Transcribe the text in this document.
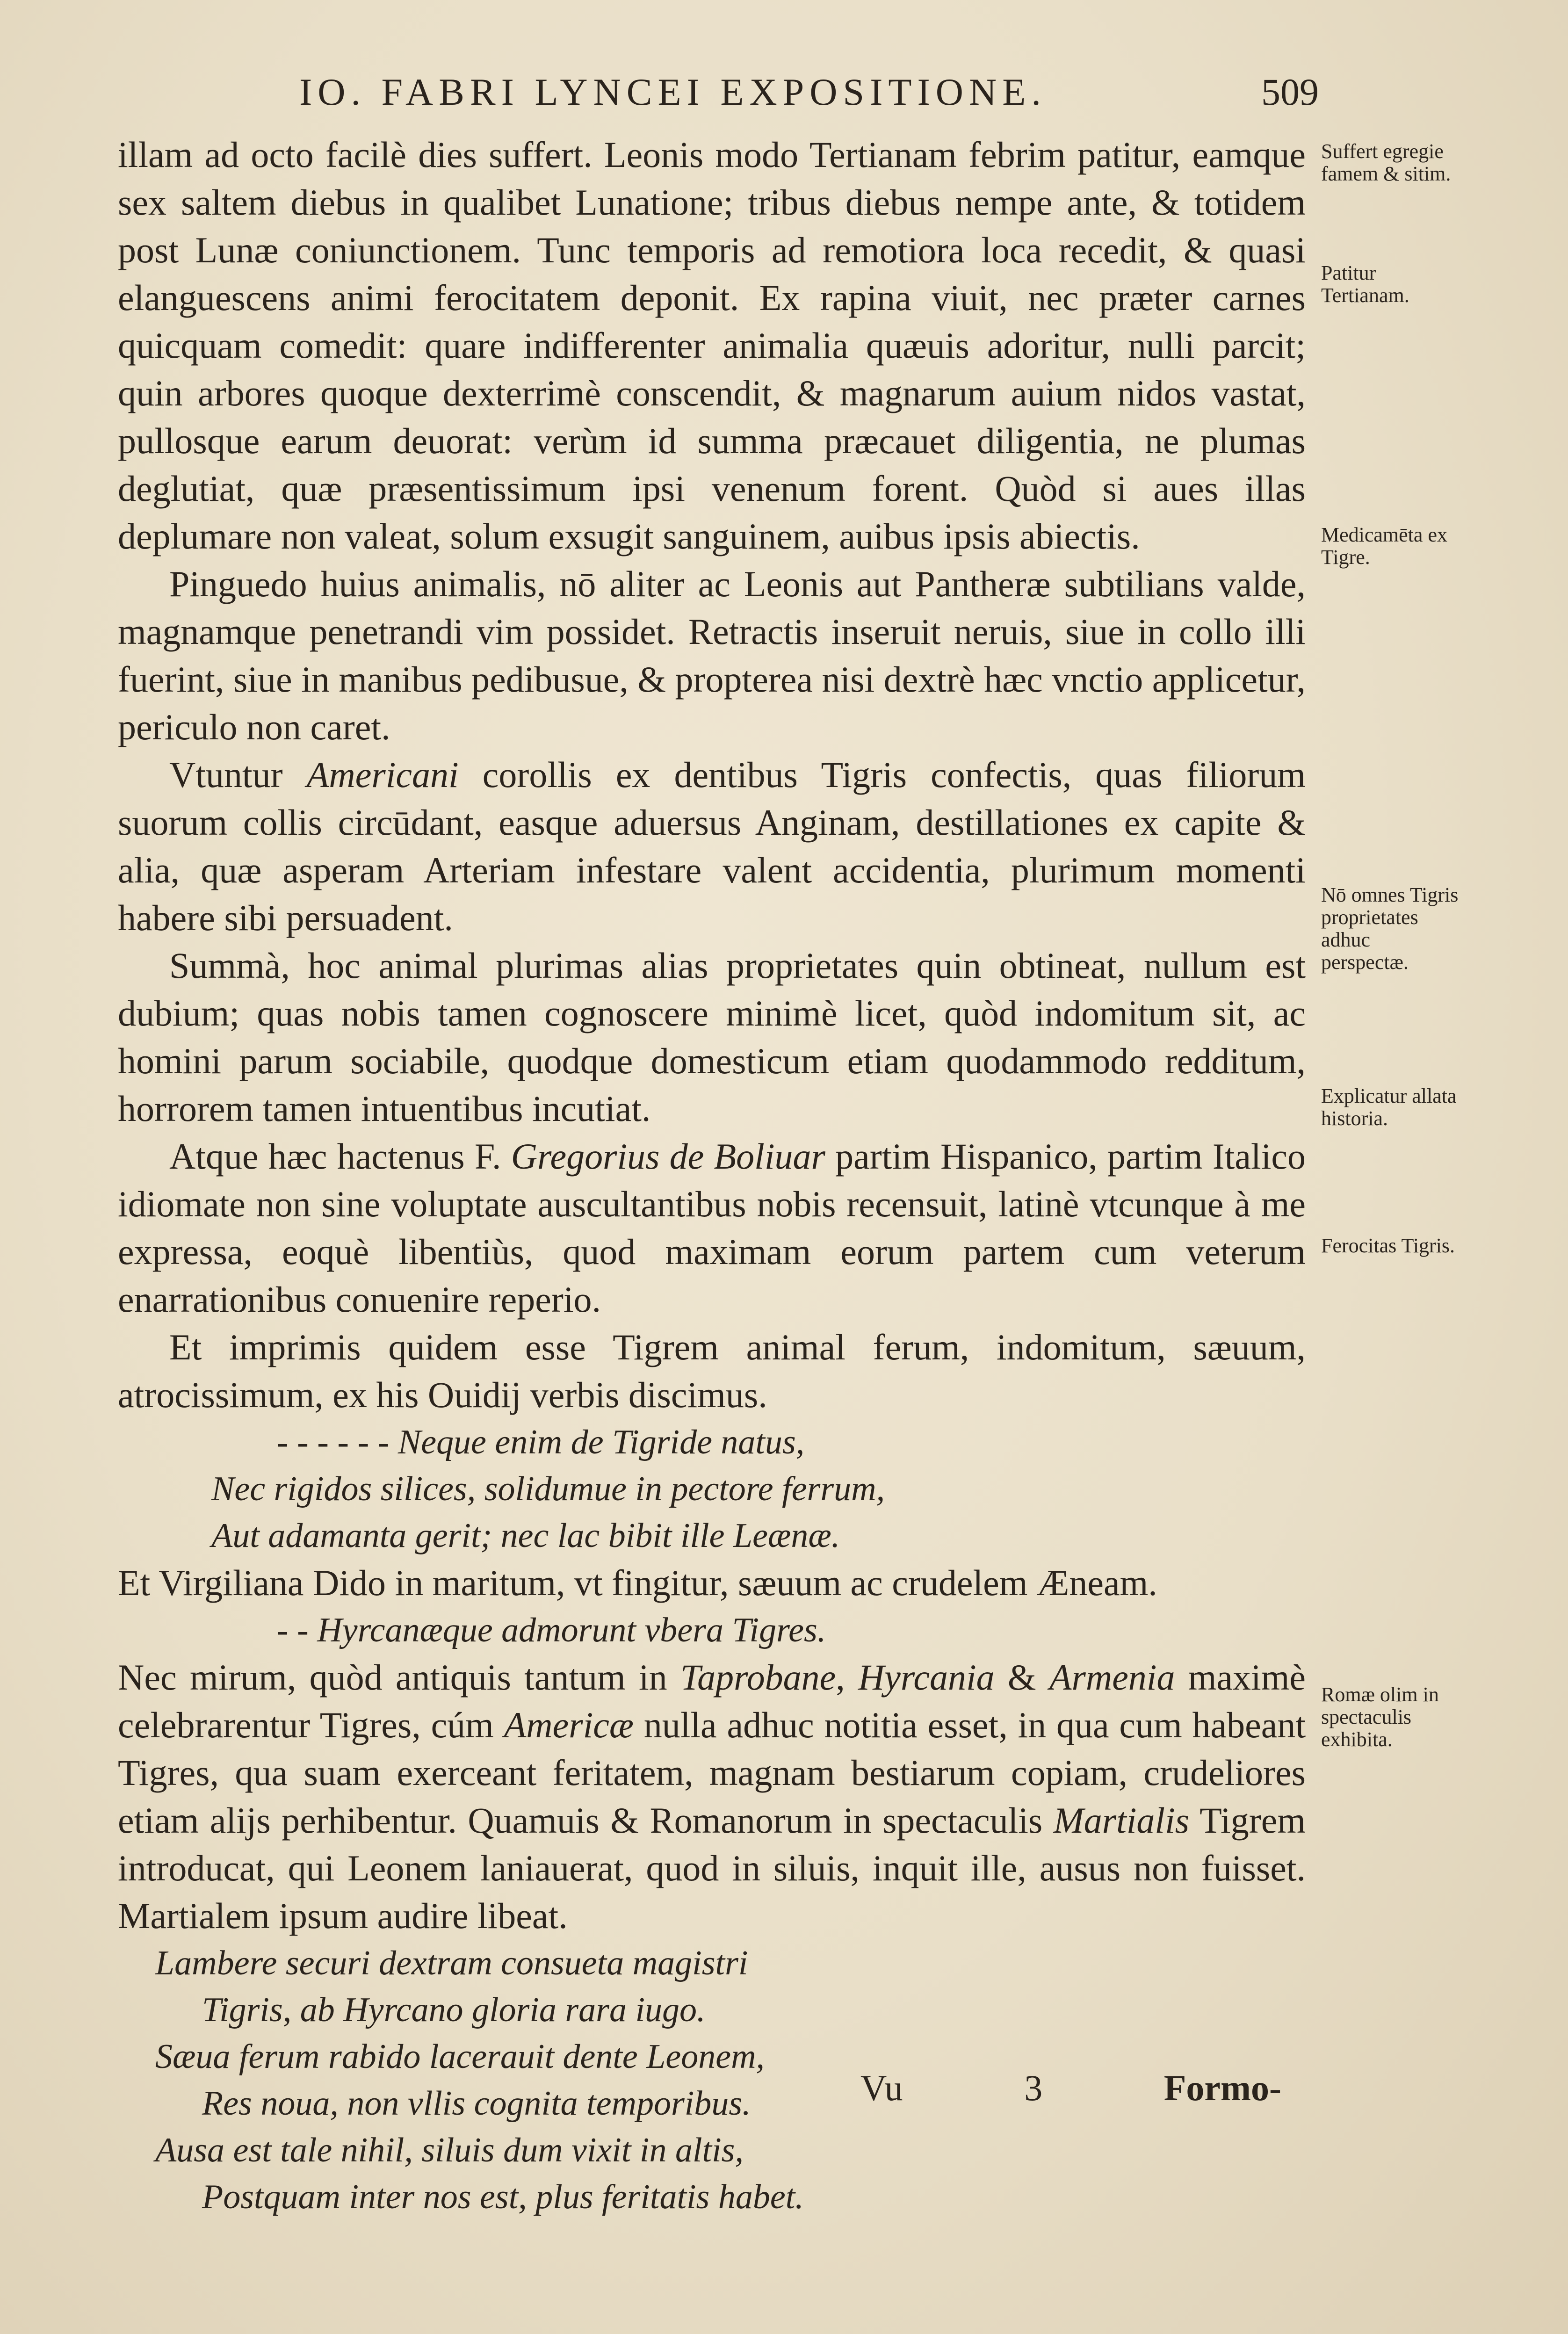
IO. FABRI LYNCEI EXPOSITIONE.	509

illam ad octo facilè dies suffert. Leonis modo Tertianam febrim patitur, eamque sex saltem diebus in qualibet Lunatione; tribus diebus nempe ante, & totidem post Lunæ coniunctionem. Tunc temporis ad remotiora loca recedit, & quasi elanguescens animi ferocitatem deponit. Ex rapina viuit, nec præter carnes quicquam comedit: quare indifferenter animalia quæuis adoritur, nulli parcit; quin arbores quoque dexterrimè conscendit, & magnarum auium nidos vastat, pullosque earum deuorat: verùm id summa præcauet diligentia, ne plumas deglutiat, quæ præsentissimum ipsi venenum forent. Quòd si aues illas deplumare non valeat, solum exsugit sanguinem, auibus ipsis abiectis.

Pinguedo huius animalis, nō aliter ac Leonis aut Pantheræ subtilians valde, magnamque penetrandi vim possidet. Retractis inseruit neruis, siue in collo illi fuerint, siue in manibus pedibusue, & propterea nisi dextrè hæc vnctio applicetur, periculo non caret.

Vtuntur Americani corollis ex dentibus Tigris confectis, quas filiorum suorum collis circūdant, easque aduersus Anginam, destillationes ex capite & alia, quæ asperam Arteriam infestare valent accidentia, plurimum momenti habere sibi persuadent.

Summà, hoc animal plurimas alias proprietates quin obtineat, nullum est dubium; quas nobis tamen cognoscere minimè licet, quòd indomitum sit, ac homini parum sociabile, quodque domesticum etiam quodammodo redditum, horrorem tamen intuentibus incutiat.

Atque hæc hactenus F. Gregorius de Boliuar partim Hispanico, partim Italico idiomate non sine voluptate auscultantibus nobis recensuit, latinè vtcunque à me expressa, eoquè libentiùs, quod maximam eorum partem cum veterum enarrationibus conuenire reperio.

Et imprimis quidem esse Tigrem animal ferum, indomitum, sæuum, atrocissimum, ex his Ouidij verbis discimus.

- - - - - - Neque enim de Tigride natus,
Nec rigidos silices, solidumue in pectore ferrum,
Aut adamanta gerit; nec lac bibit ille Leænæ.
Et Virgiliana Dido in maritum, vt fingitur, sæuum ac crudelem Æneam.
- - Hyrcanæque admorunt vbera Tigres.

Nec mirum, quòd antiquis tantum in Taprobane, Hyrcania & Armenia maximè celebrarentur Tigres, cúm Americæ nulla adhuc notitia esset, in qua cum habeant Tigres, qua suam exerceant feritatem, magnam bestiarum copiam, crudeliores etiam alijs perhibentur. Quamuis & Romanorum in spectaculis Martialis Tigrem introducat, qui Leonem laniauerat, quod in siluis, inquit ille, ausus non fuisset. Martialem ipsum audire libeat.

Lambere securi dextram consueta magistri
Tigris, ab Hyrcano gloria rara iugo.
Sæua ferum rabido lacerauit dente Leonem,
Res noua, non vllis cognita temporibus.
Ausa est tale nihil, siluis dum vixit in altis,
Postquam inter nos est, plus feritatis habet.
Suffert egregie famem & sitim.
Patitur Tertianam.
Medicamēta ex Tigre.
Nō omnes Tigris proprietates adhuc perspectæ.
Explicatur allata historia.
Ferocitas Tigris.
Romæ olim in spectaculis exhibita.
Vu	3	Formo-
